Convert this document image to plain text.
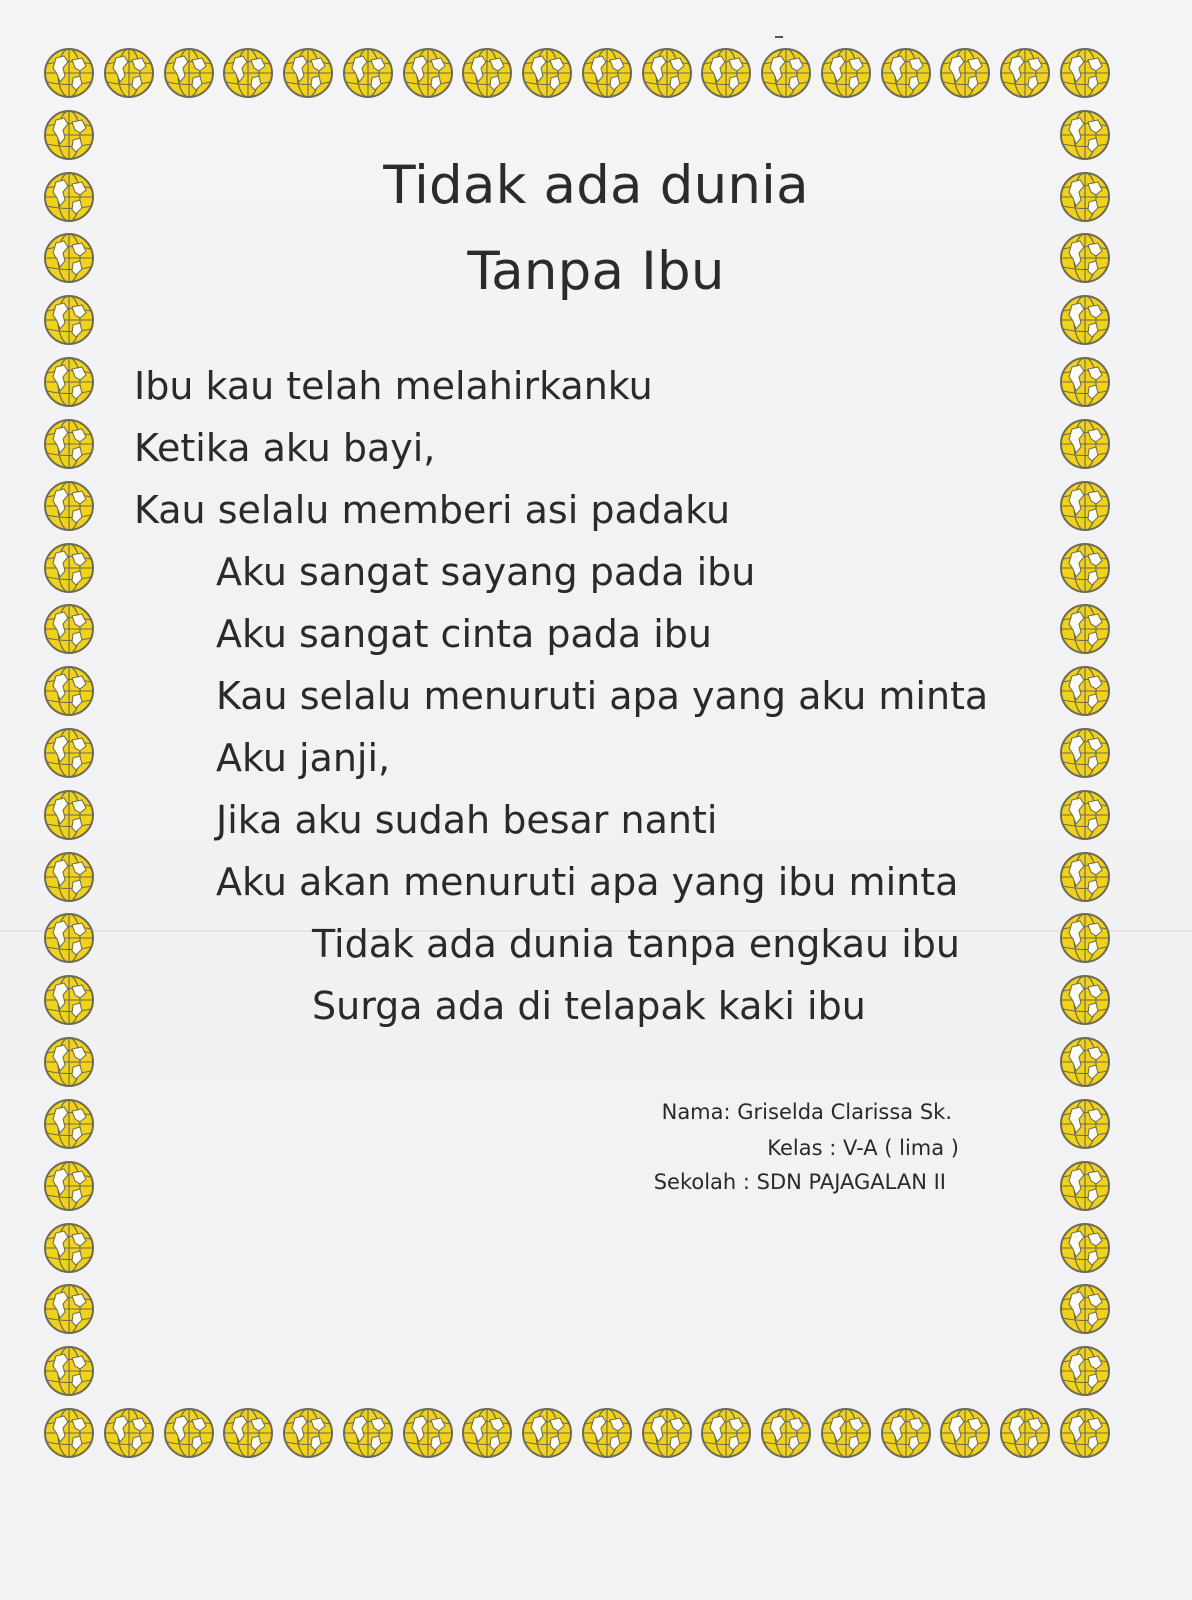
Tidak ada dunia
Tanpa Ibu
Ibu kau telah melahirkanku
Ketika aku bayi,
Kau selalu memberi asi padaku
Aku sangat sayang pada ibu
Aku sangat cinta pada ibu
Kau selalu menuruti apa yang aku minta
Aku janji,
Jika aku sudah besar nanti
Aku akan menuruti apa yang ibu minta
Tidak ada dunia tanpa engkau ibu
Surga ada di telapak kaki ibu
Nama: Griselda Clarissa Sk.
Kelas : V-A ( lima )
Sekolah : SDN PAJAGALAN II
